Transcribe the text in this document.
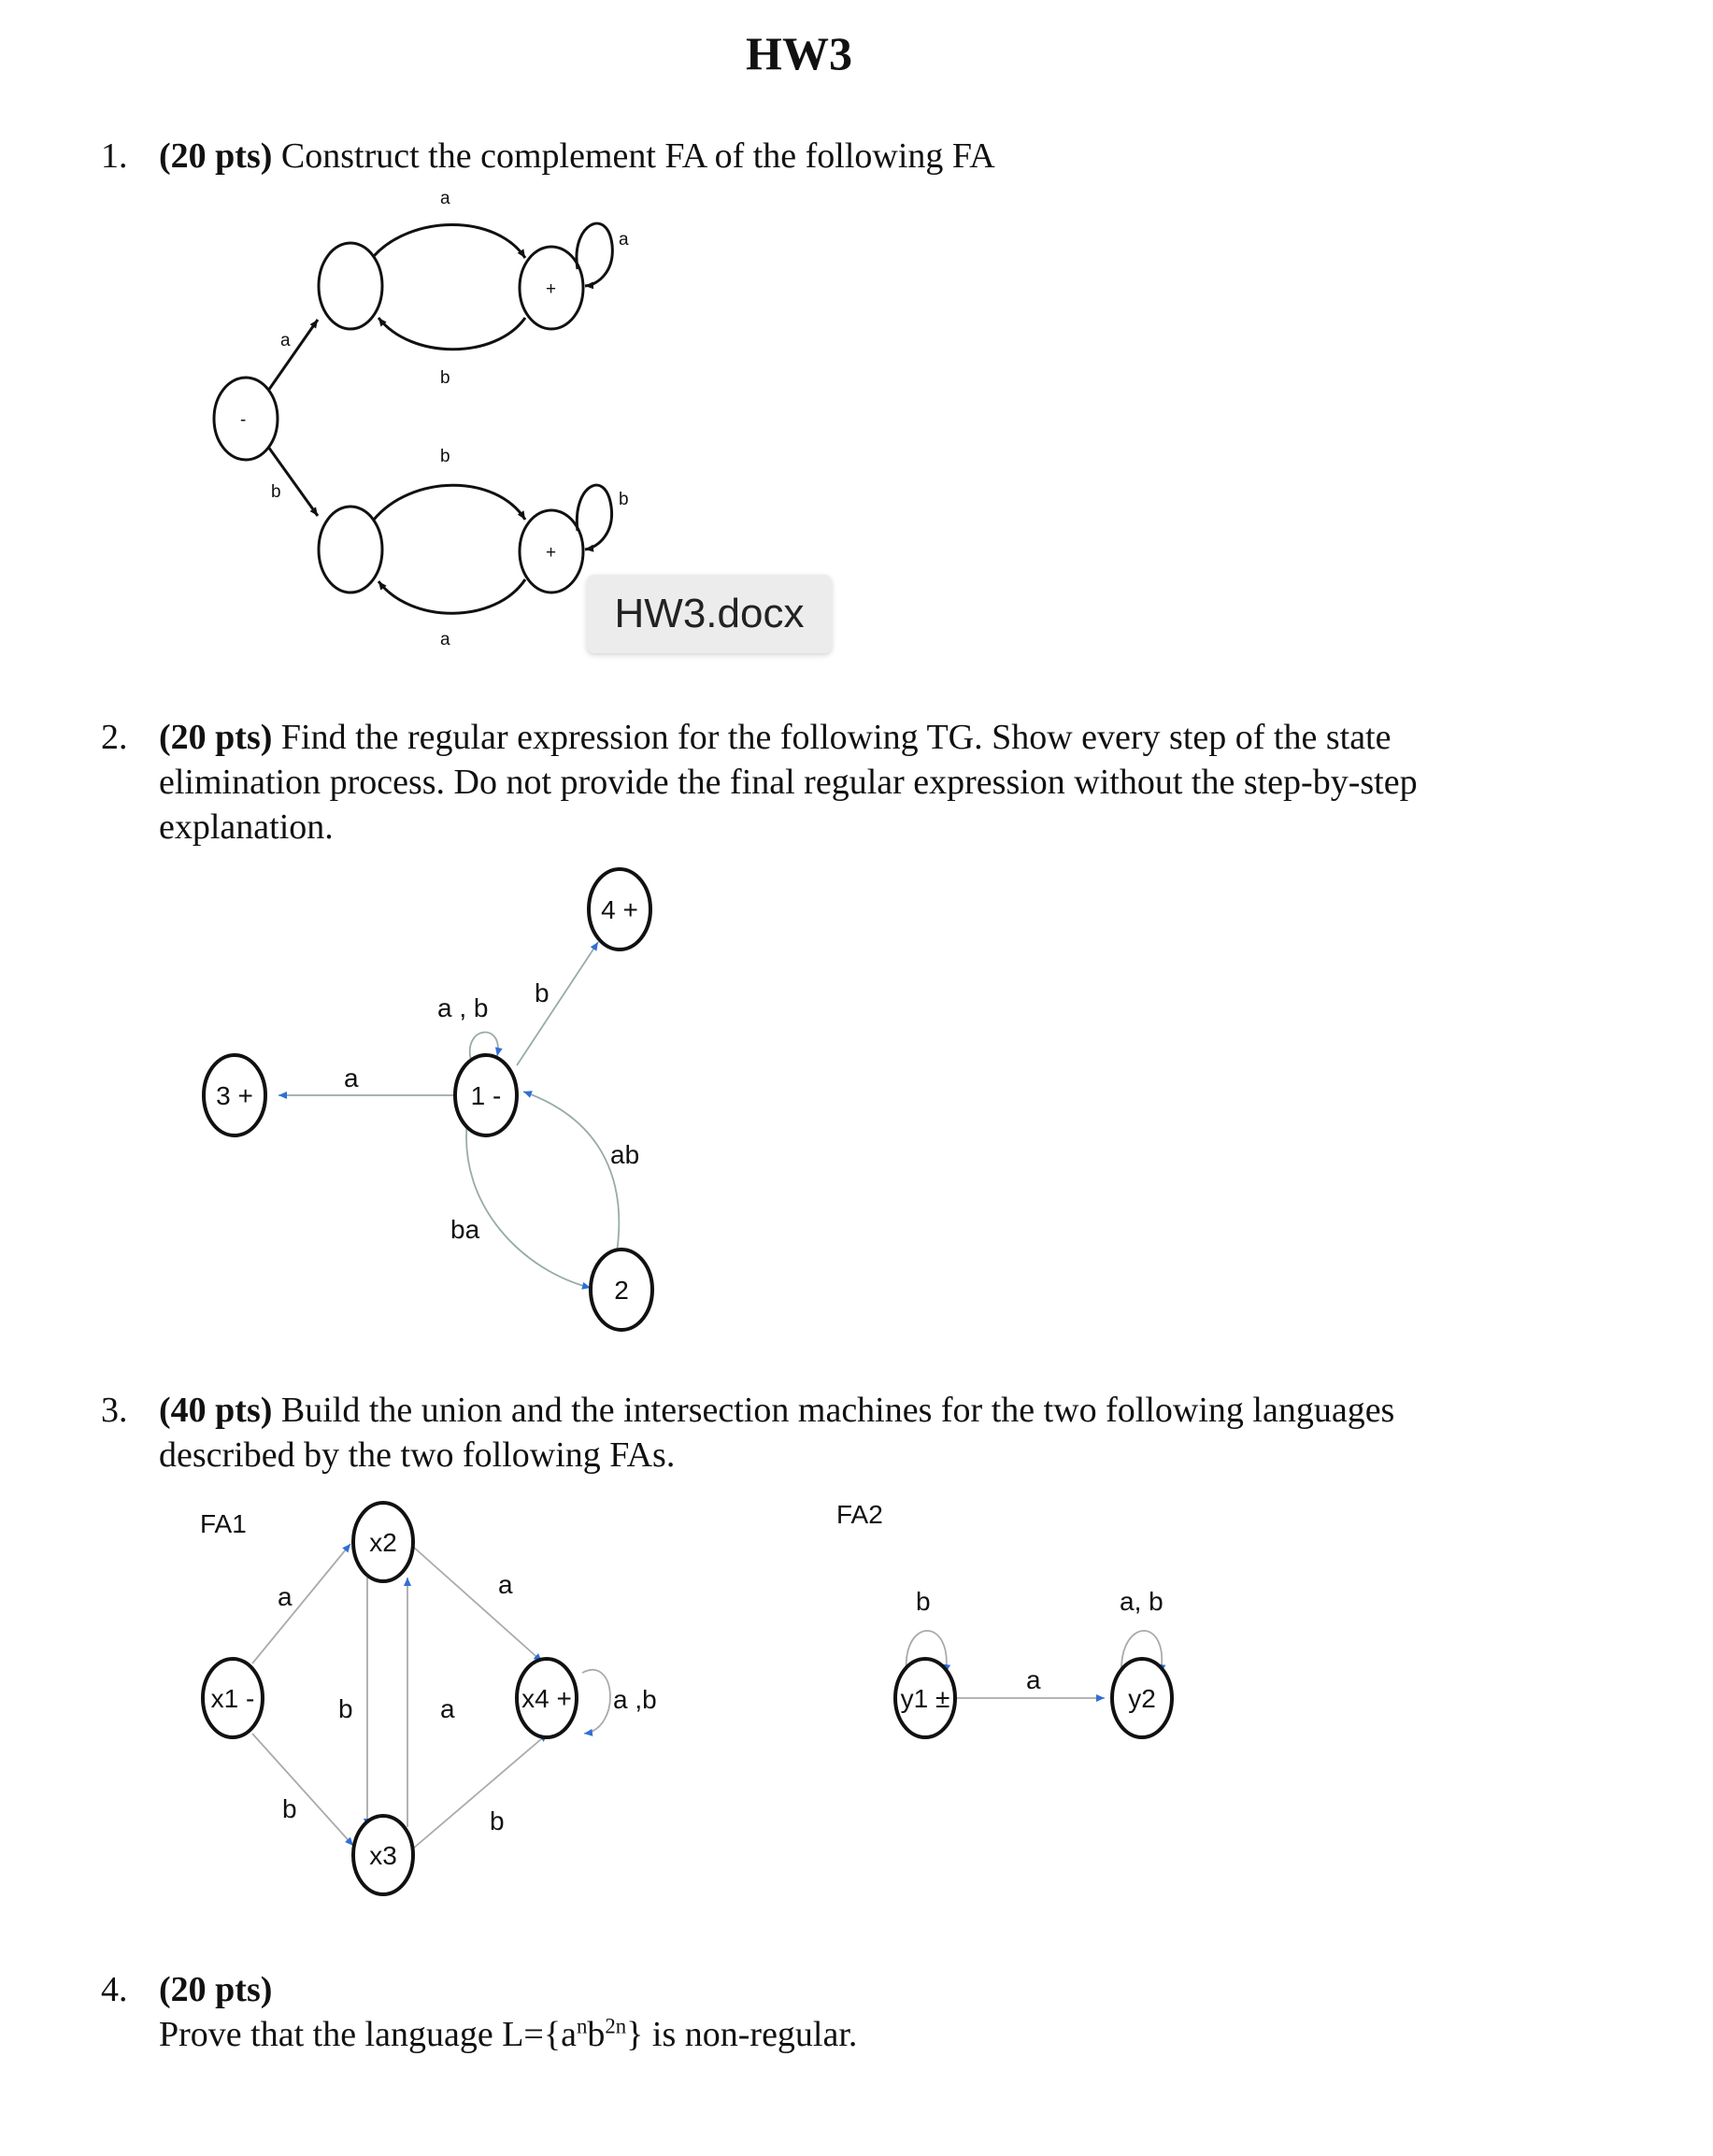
HW3
1. (20 pts) Construct the complement FA of the following FA
-
+
+
a
a
a
b
b
b
b
a
4 +
3 +	1 -
2
a , b
b
a
ab
ba
FA1
x2
x1 -	x4 +
x3
a	a
b	a
b	b
a ,b
FA2
y1 ±	y2
b
a
a, b
HW3.docx
2. (20 pts) Find the regular expression for the following TG. Show every step of the state
elimination process. Do not provide the final regular expression without the step-by-step
explanation.
3. (40 pts) Build the union and the intersection machines for the two following languages
described by the two following FAs.
4. (20 pts)
Prove that the language $L=\{a^nb^{2n}\}$ is non-regular.
